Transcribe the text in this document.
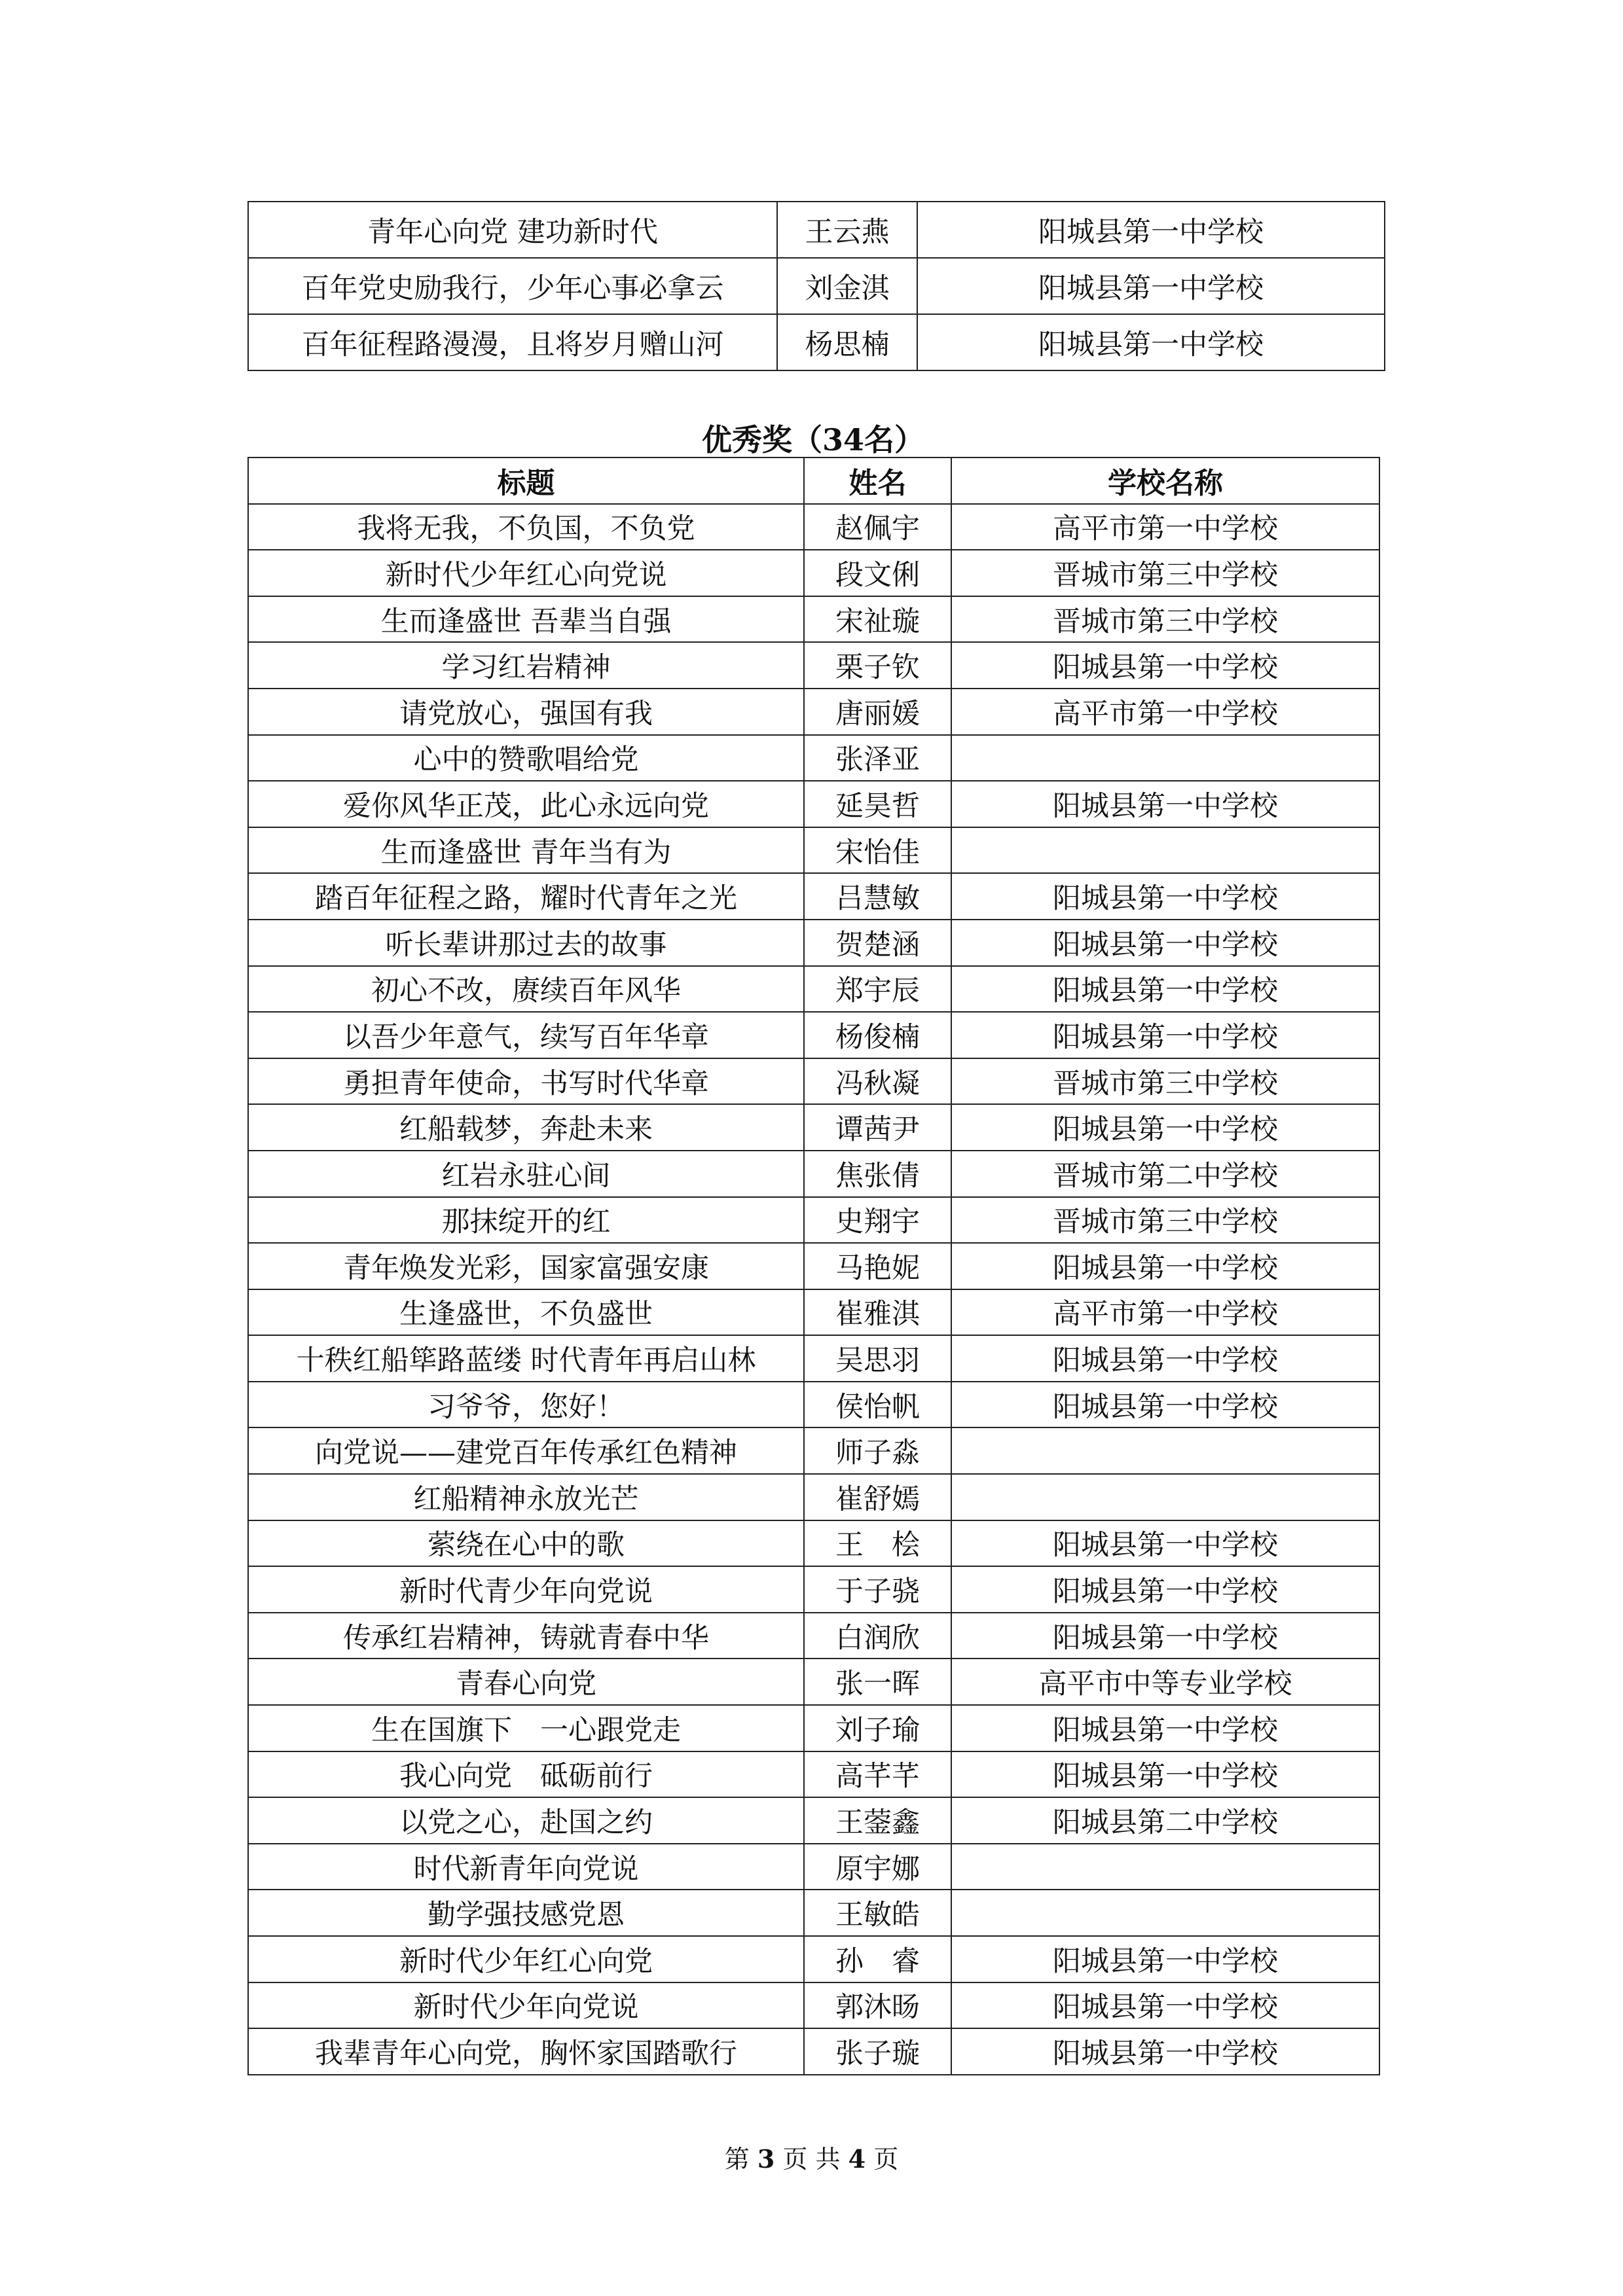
青年心向党 建功新时代	王云燕	阳城县第一中学校
百年党史励我行，少年心事必拿云	刘金淇	阳城县第一中学校
百年征程路漫漫，且将岁月赠山河	杨思楠	阳城县第一中学校
优秀奖（34名）
标题	姓名	学校名称
我将无我，不负国，不负党	赵佩宇	高平市第一中学校
新时代少年红心向党说	段文俐	晋城市第三中学校
生而逢盛世 吾辈当自强	宋祉璇	晋城市第三中学校
学习红岩精神	栗子钦	阳城县第一中学校
请党放心，强国有我	唐丽媛	高平市第一中学校
心中的赞歌唱给党	张泽亚	
爱你风华正茂，此心永远向党	延昊哲	阳城县第一中学校
生而逢盛世 青年当有为	宋怡佳	
踏百年征程之路，耀时代青年之光	吕慧敏	阳城县第一中学校
听长辈讲那过去的故事	贺楚涵	阳城县第一中学校
初心不改，赓续百年风华	郑宇辰	阳城县第一中学校
以吾少年意气，续写百年华章	杨俊楠	阳城县第一中学校
勇担青年使命，书写时代华章	冯秋凝	晋城市第三中学校
红船载梦，奔赴未来	谭茜尹	阳城县第一中学校
红岩永驻心间	焦张倩	晋城市第二中学校
那抹绽开的红	史翔宇	晋城市第三中学校
青年焕发光彩，国家富强安康	马艳妮	阳城县第一中学校
生逢盛世，不负盛世	崔雅淇	高平市第一中学校
十秩红船筚路蓝缕 时代青年再启山林	吴思羽	阳城县第一中学校
习爷爷，您好！	侯怡帆	阳城县第一中学校
向党说——建党百年传承红色精神	师子淼	
红船精神永放光芒	崔舒嫣	
萦绕在心中的歌	王　桧	阳城县第一中学校
新时代青少年向党说	于子骁	阳城县第一中学校
传承红岩精神，铸就青春中华	白润欣	阳城县第一中学校
青春心向党	张一晖	高平市中等专业学校
生在国旗下　一心跟党走	刘子瑜	阳城县第一中学校
我心向党　砥砺前行	高芊芊	阳城县第一中学校
以党之心，赴国之约	王蓥鑫	阳城县第二中学校
时代新青年向党说	原宇娜	
勤学强技感党恩	王敏皓	
新时代少年红心向党	孙　睿	阳城县第一中学校
新时代少年向党说	郭沐旸	阳城县第一中学校
我辈青年心向党，胸怀家国踏歌行	张子璇	阳城县第一中学校
第 3 页 共 4 页
